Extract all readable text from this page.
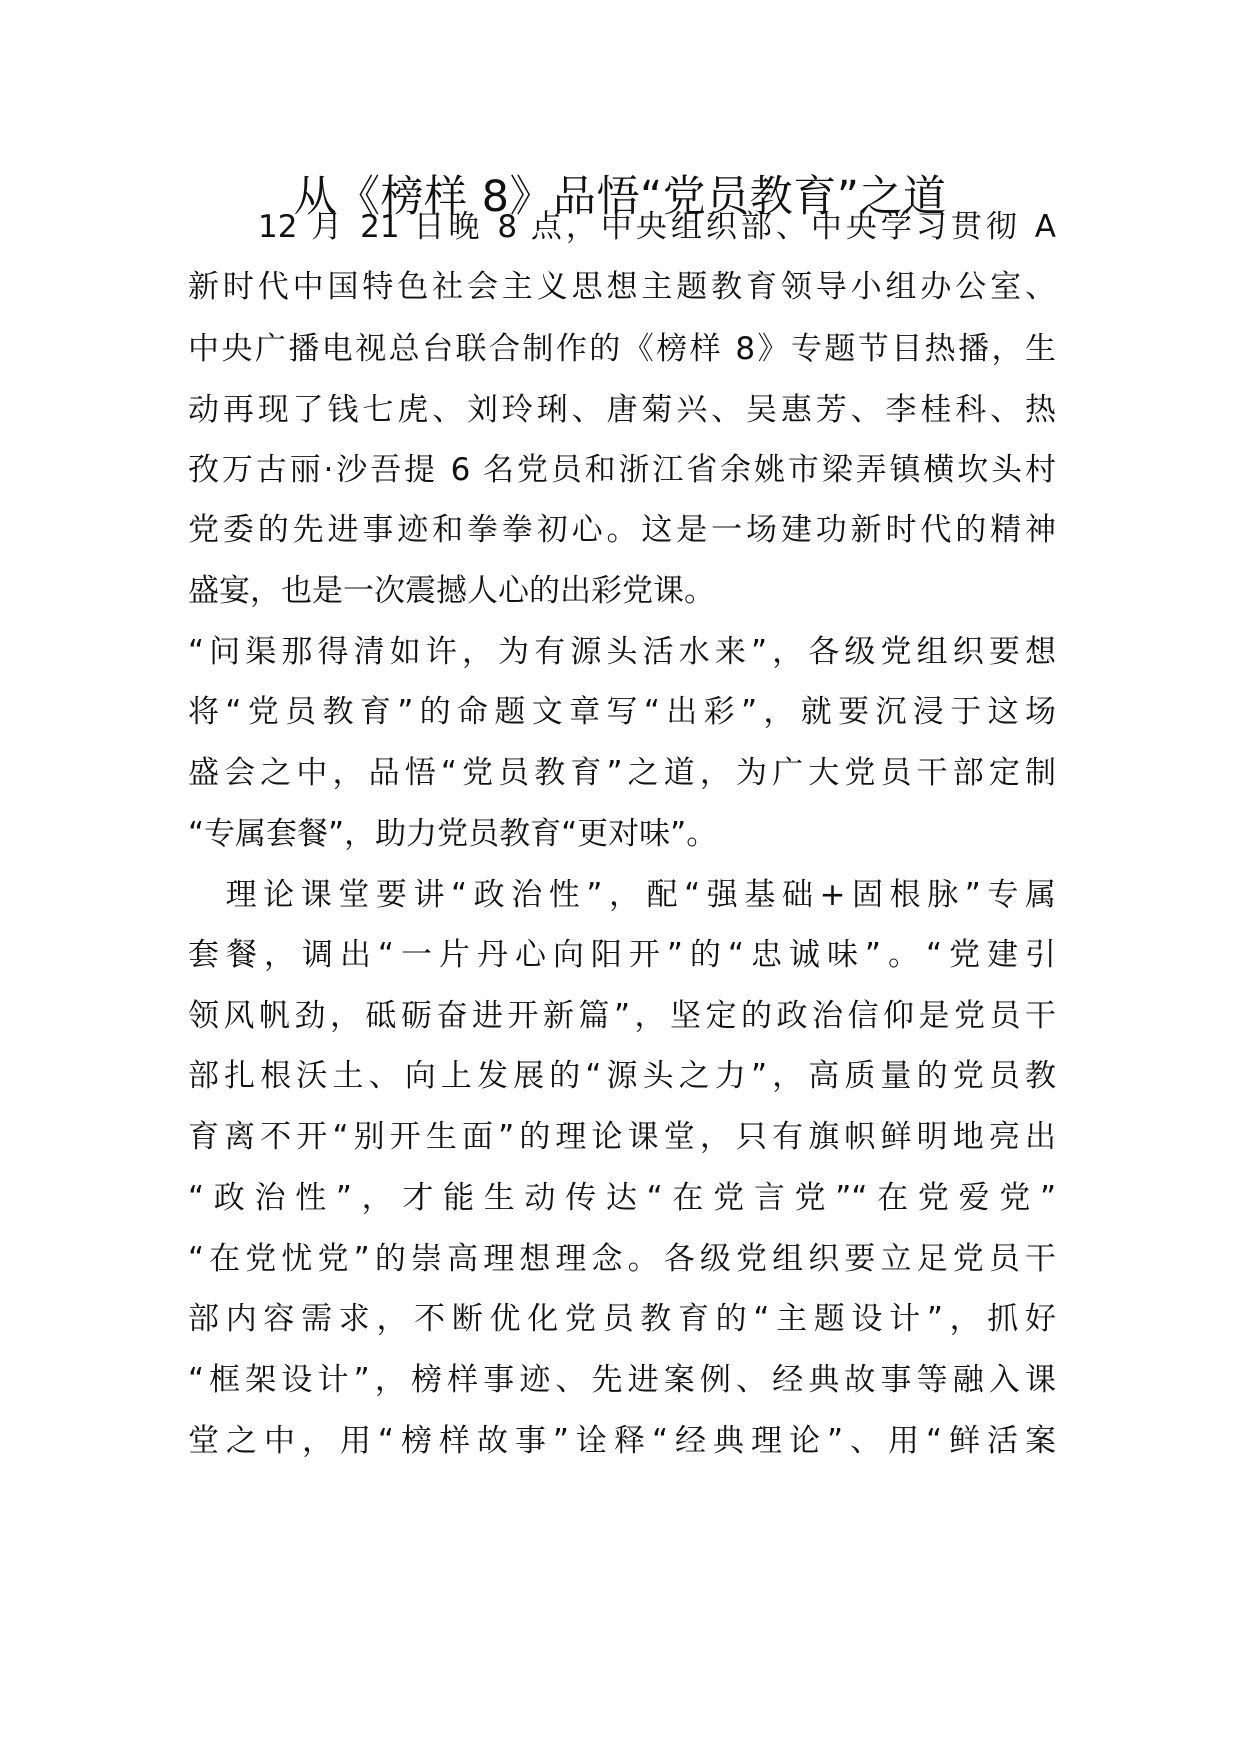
从《榜样 8》品悟“党员教育”之道

　　12 月 21 日晚 8 点，中央组织部、中央学习贯彻 A

新时代中国特色社会主义思想主题教育领导小组办公室、

中央广播电视总台联合制作的《榜样 8》专题节目热播，生

动再现了钱七虎、刘玲琍、唐菊兴、吴惠芳、李桂科、热

孜万古丽·沙吾提 6 名党员和浙江省余姚市梁弄镇横坎头村

党委的先进事迹和拳拳初心。这是一场建功新时代的精神

盛宴，也是一次震撼人心的出彩党课。

“问渠那得清如许，为有源头活水来”，各级党组织要想

将“党员教育”的命题文章写“出彩”，就要沉浸于这场

盛会之中，品悟“党员教育”之道，为广大党员干部定制

“专属套餐”，助力党员教育“更对味”。

　理论课堂要讲“政治性”，配“强基础+固根脉”专属

套餐，调出“一片丹心向阳开”的“忠诚味”。“党建引

领风帆劲，砥砺奋进开新篇”，坚定的政治信仰是党员干

部扎根沃土、向上发展的“源头之力”，高质量的党员教

育离不开“别开生面”的理论课堂，只有旗帜鲜明地亮出

“政治性”，才能生动传达“在党言党”“在党爱党”

“在党忧党”的崇高理想理念。各级党组织要立足党员干

部内容需求，不断优化党员教育的“主题设计”，抓好

“框架设计”，榜样事迹、先进案例、经典故事等融入课

堂之中，用“榜样故事”诠释“经典理论”、用“鲜活案
